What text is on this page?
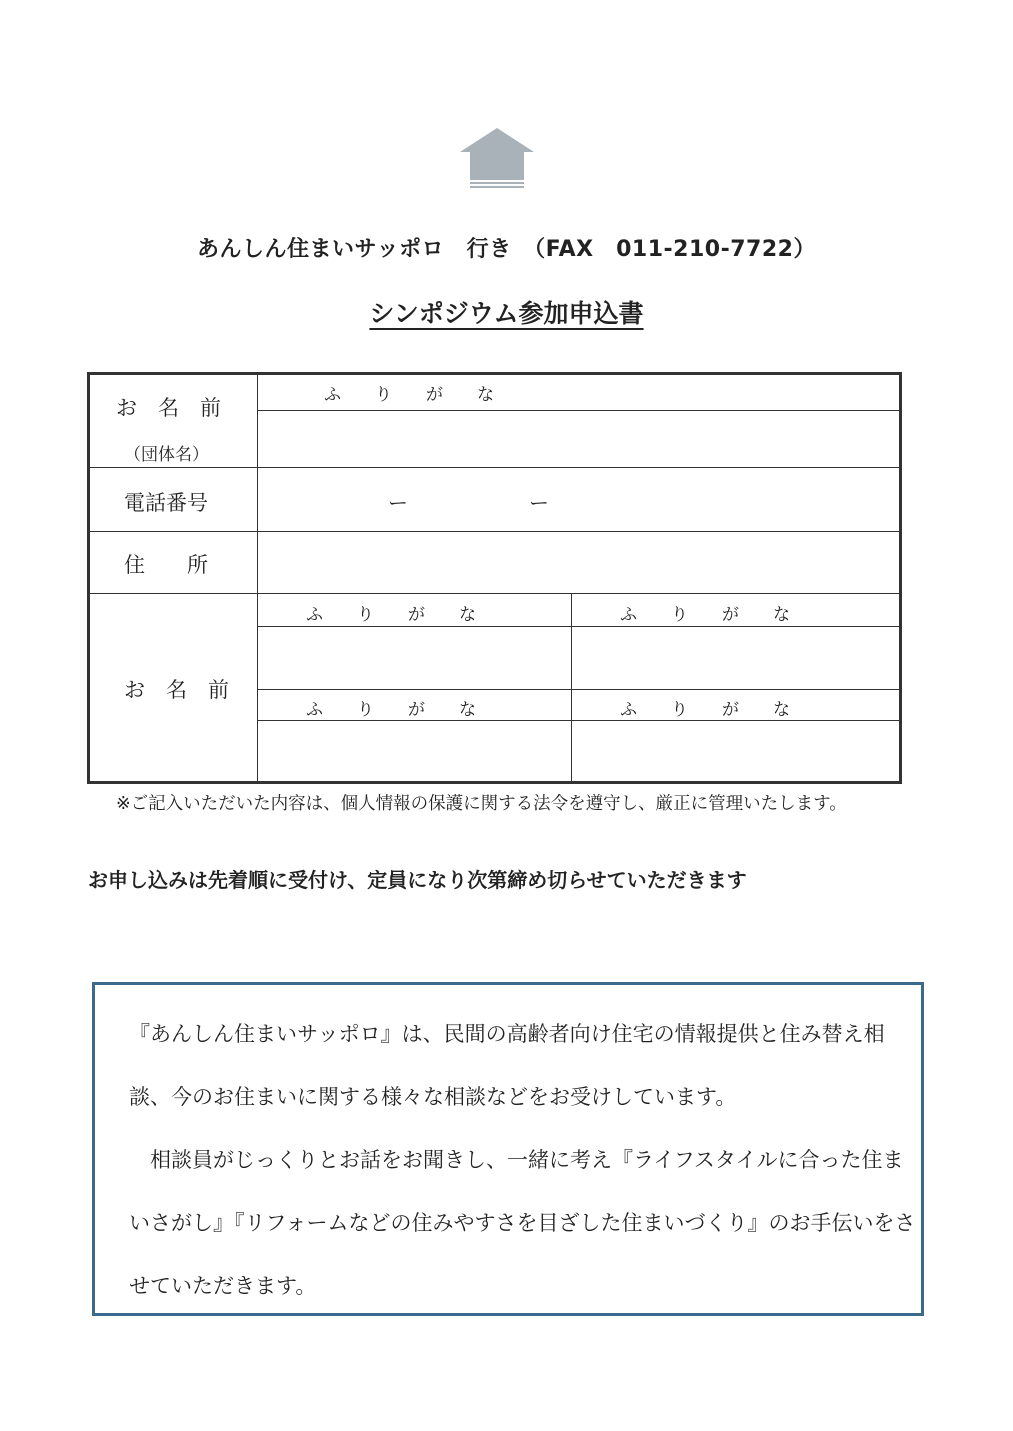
あんしん住まいサッポロ　行き　（FAX　011-210-7722）
シンポジウム参加申込書
お　名　前
（団体名）
ふ　　り　　が　　な
電話番号	ー	ー
住　　所
お　名　前
ふ　　り　　が　　な	ふ　　り　　が　　な
ふ　　り　　が　　な	ふ　　り　　が　　な
※ご記入いただいた内容は、個人情報の保護に関する法令を遵守し、厳正に管理いたします。
お申し込みは先着順に受付け、定員になり次第締め切らせていただきます
『あんしん住まいサッポロ』は、民間の高齢者向け住宅の情報提供と住み替え相談、今のお住まいに関する様々な相談などをお受けしています。
相談員がじっくりとお話をお聞きし、一緒に考え『ライフスタイルに合った住まいさがし』『リフォームなどの住みやすさを目ざした住まいづくり』のお手伝いをさせていただきます。
